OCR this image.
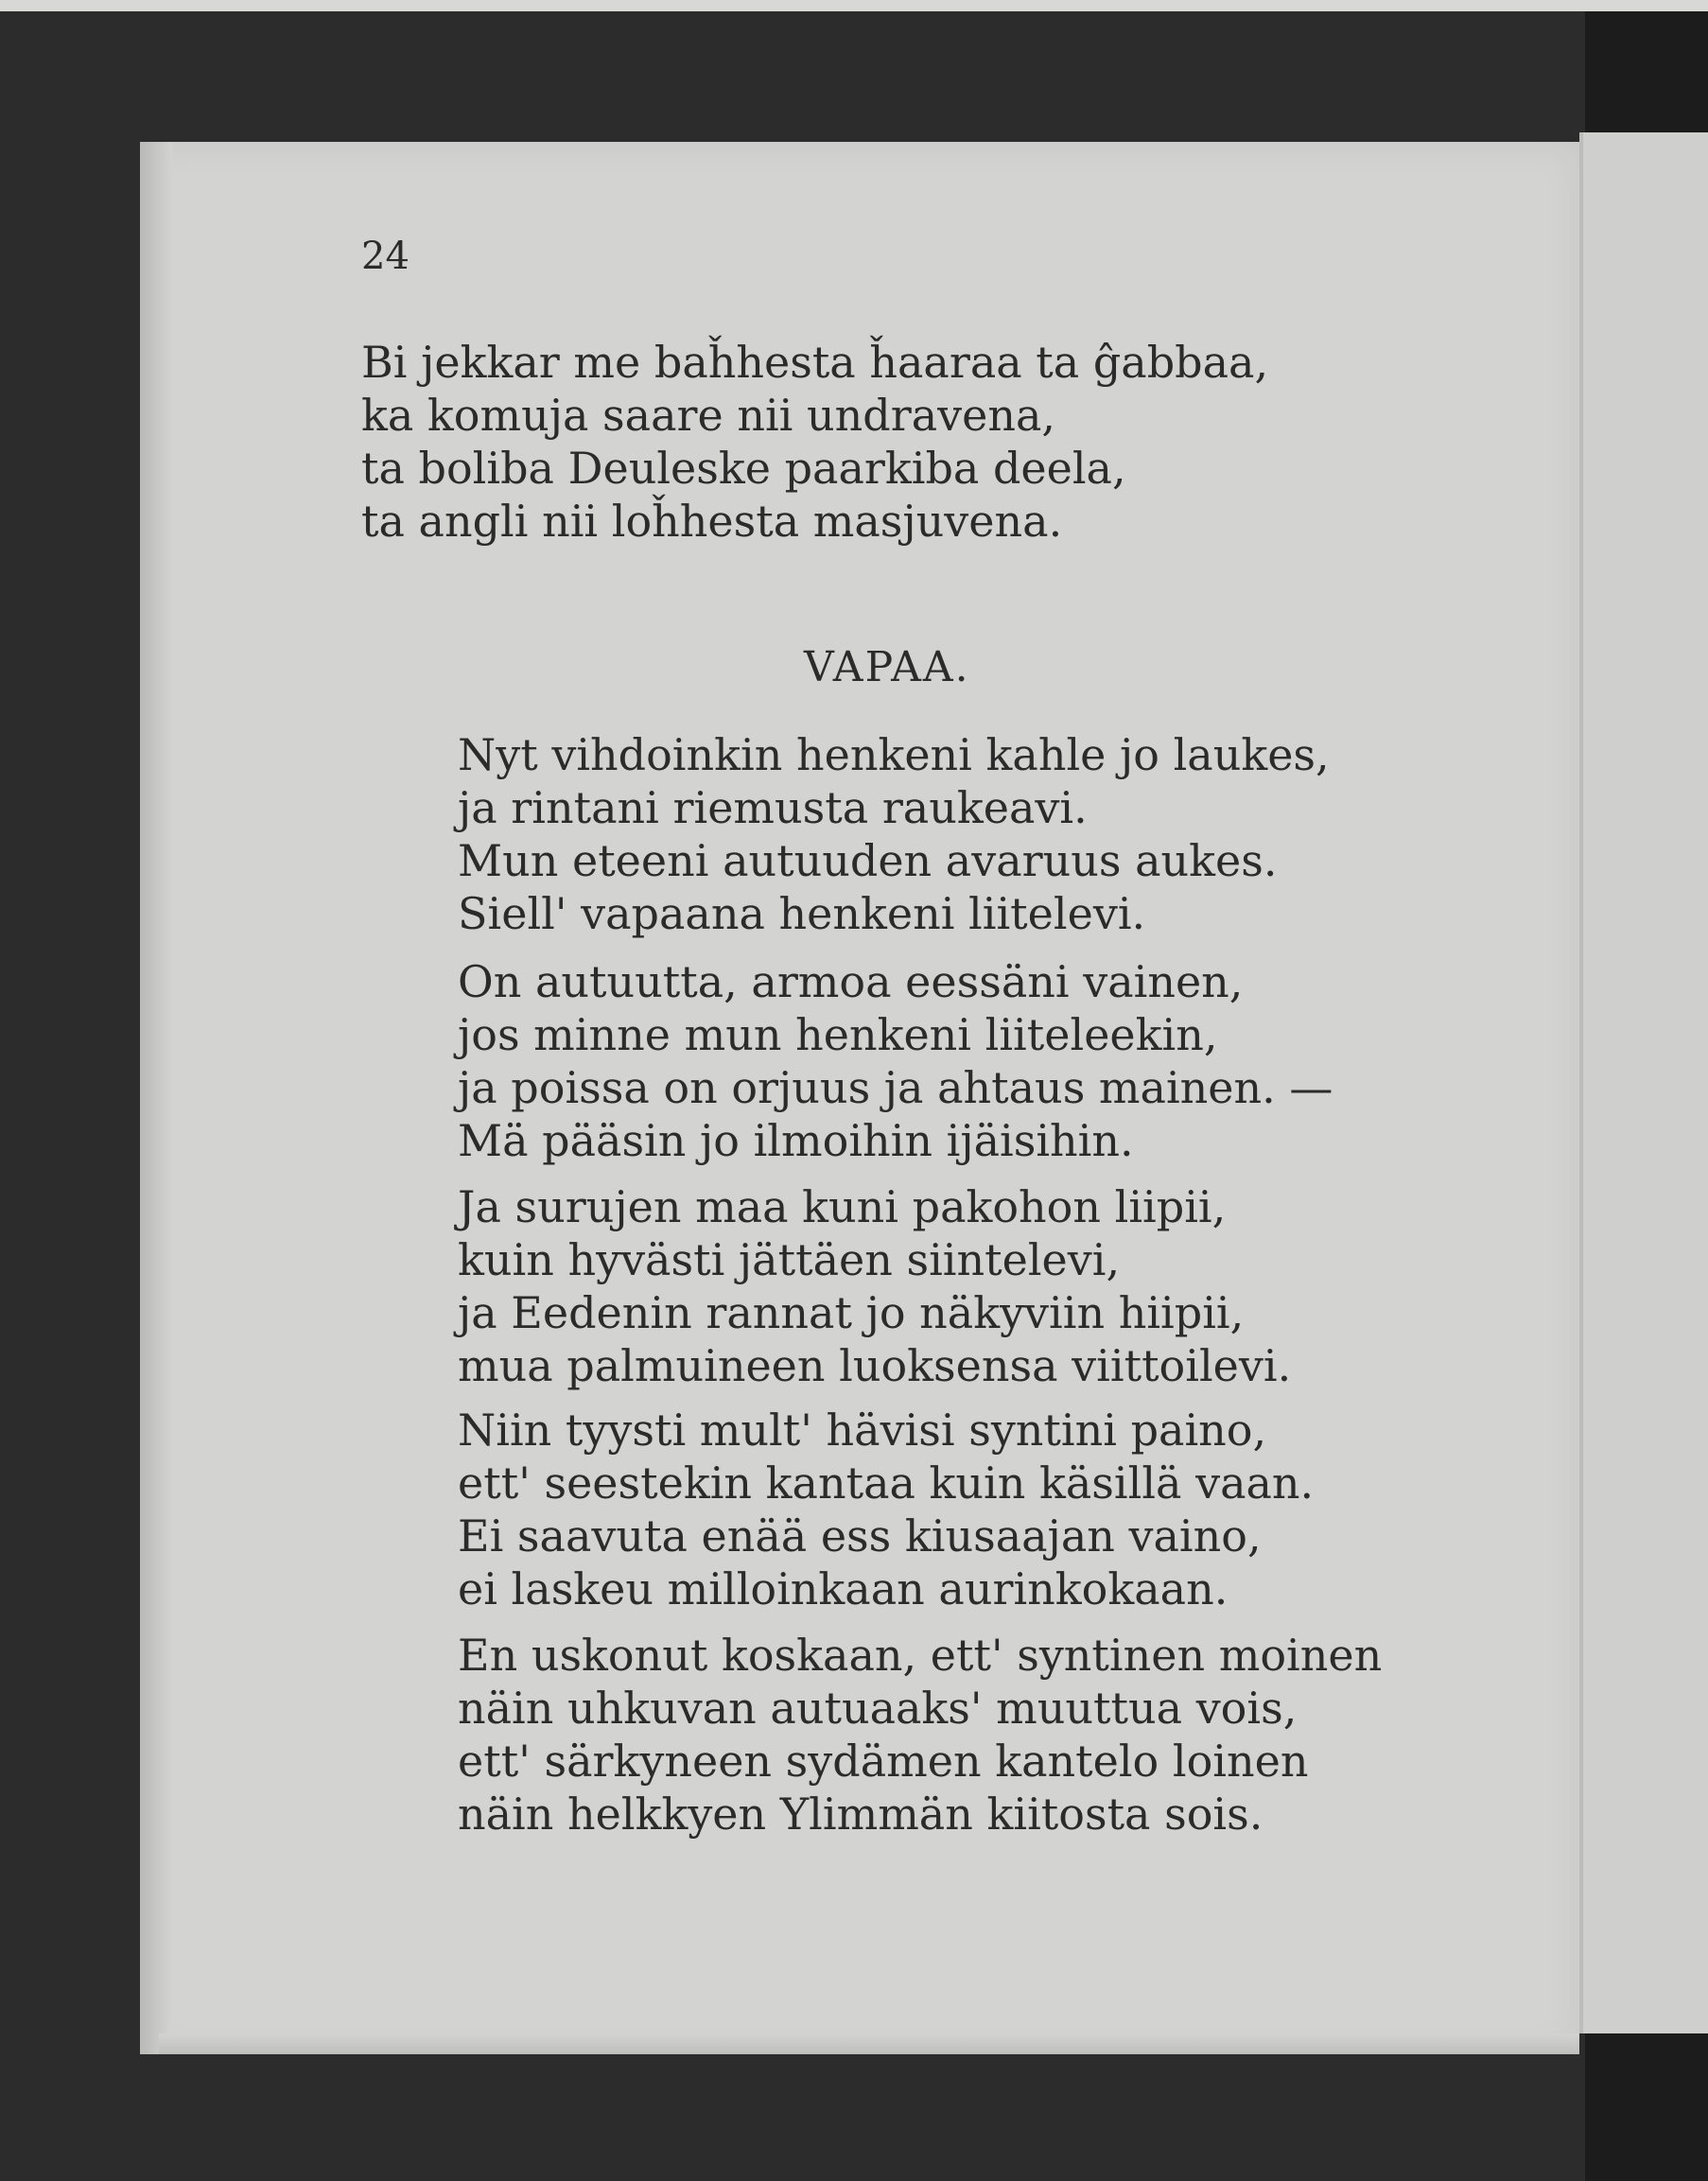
24
Bi jekkar me baȟhesta ȟaaraa ta ĝabbaa,
ka komuja saare nii undravena,
ta boliba Deuleske paarkiba deela,
ta angli nii loȟhesta masjuvena.
VAPAA.
Nyt vihdoinkin henkeni kahle jo laukes,
ja rintani riemusta raukeavi.
Mun eteeni autuuden avaruus aukes.
Siell' vapaana henkeni liitelevi.
On autuutta, armoa eessäni vainen,
jos minne mun henkeni liiteleekin,
ja poissa on orjuus ja ahtaus mainen. —
Mä pääsin jo ilmoihin ijäisihin.
Ja surujen maa kuni pakohon liipii,
kuin hyvästi jättäen siintelevi,
ja Eedenin rannat jo näkyviin hiipii,
mua palmuineen luoksensa viittoilevi.
Niin tyysti mult' hävisi syntini paino,
ett' seestekin kantaa kuin käsillä vaan.
Ei saavuta enää ess kiusaajan vaino,
ei laskeu milloinkaan aurinkokaan.
En uskonut koskaan, ett' syntinen moinen
näin uhkuvan autuaaks' muuttua vois,
ett' särkyneen sydämen kantelo loinen
näin helkkyen Ylimmän kiitosta sois.
